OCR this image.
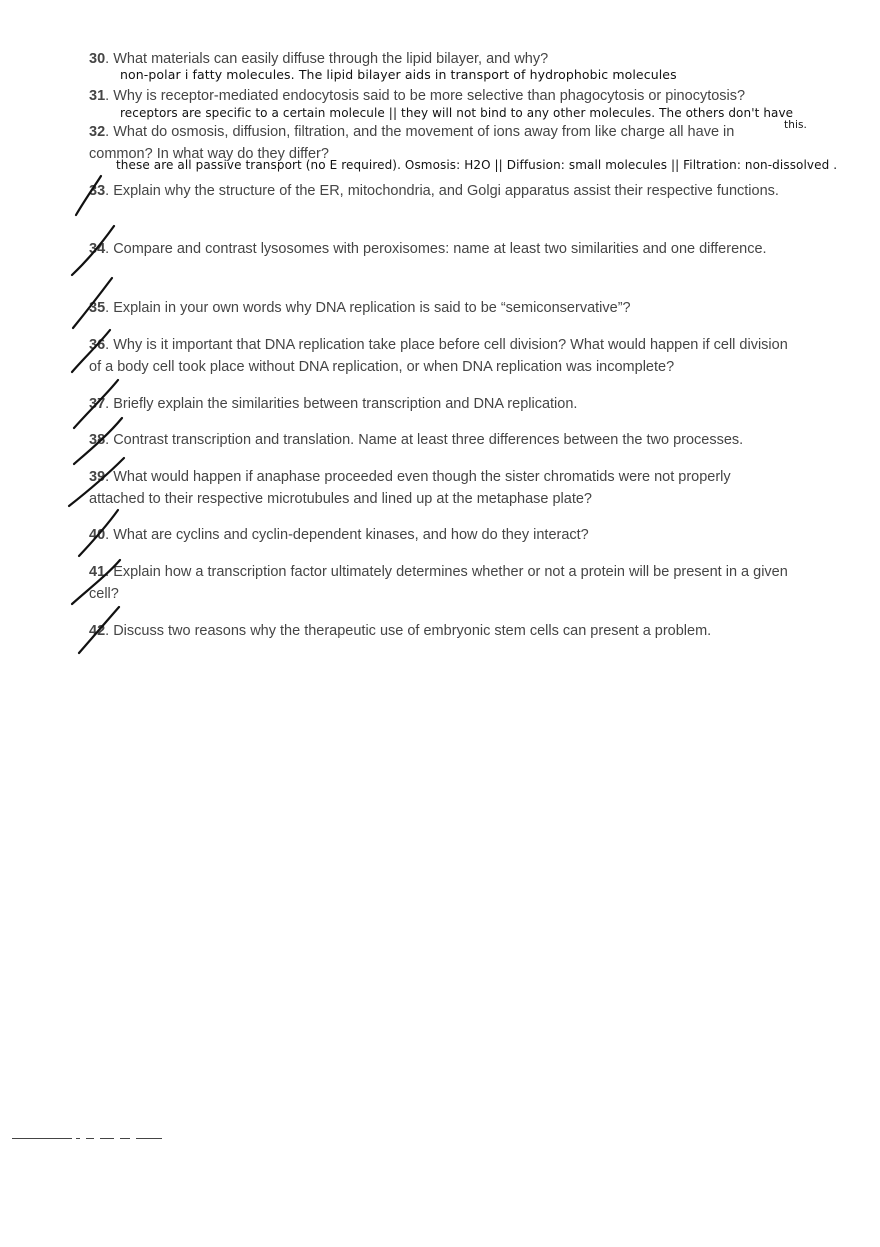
30. What materials can easily diffuse through the lipid bilayer, and why?

non-polar i fatty molecules. The lipid bilayer aids in transport of hydrophobic molecules

31. Why is receptor-mediated endocytosis said to be more selective than phagocytosis or pinocytosis?

receptors are specific to a certain molecule || they will not bind to any other molecules. The others don't have
this.

32. What do osmosis, diffusion, filtration, and the movement of ions away from like charge all have in common? In what way do they differ?

these are all passive transport (no E required). Osmosis: H2O || Diffusion: small molecules || Filtration: non-dissolved .

33. Explain why the structure of the ER, mitochondria, and Golgi apparatus assist their respective functions.

34. Compare and contrast lysosomes with peroxisomes: name at least two similarities and one difference.

35. Explain in your own words why DNA replication is said to be “semiconservative”?

36. Why is it important that DNA replication take place before cell division? What would happen if cell division of a body cell took place without DNA replication, or when DNA replication was incomplete?

37. Briefly explain the similarities between transcription and DNA replication.

38. Contrast transcription and translation. Name at least three differences between the two processes.

39. What would happen if anaphase proceeded even though the sister chromatids were not properly attached to their respective microtubules and lined up at the metaphase plate?

40. What are cyclins and cyclin-dependent kinases, and how do they interact?

41. Explain how a transcription factor ultimately determines whether or not a protein will be present in a given cell?

42. Discuss two reasons why the therapeutic use of embryonic stem cells can present a problem.
